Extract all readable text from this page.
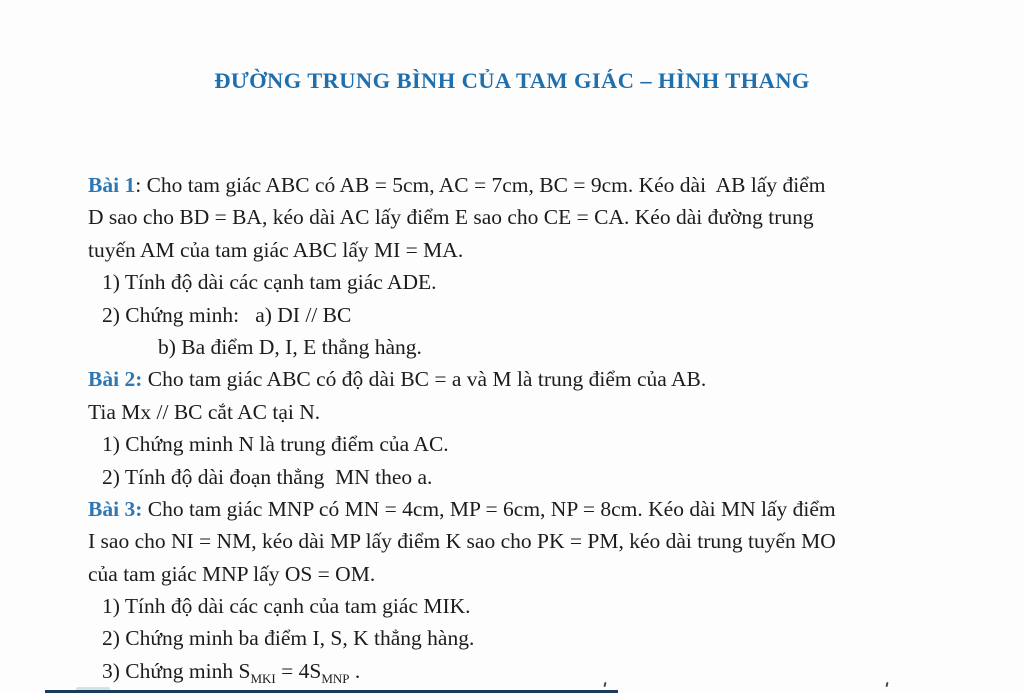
ĐƯỜNG TRUNG BÌNH CỦA TAM GIÁC – HÌNH THANG
Bài 1: Cho tam giác ABC có AB = 5cm, AC = 7cm, BC = 9cm. Kéo dài  AB lấy điểm
D sao cho BD = BA, kéo dài AC lấy điểm E sao cho CE = CA. Kéo dài đường trung
tuyến AM của tam giác ABC lấy MI = MA.
1) Tính độ dài các cạnh tam giác ADE.
2) Chứng minh:   a) DI // BC
b) Ba điểm D, I, E thẳng hàng.
Bài 2: Cho tam giác ABC có độ dài BC = a và M là trung điểm của AB.
Tia Mx // BC cắt AC tại N.
1) Chứng minh N là trung điểm của AC.
2) Tính độ dài đoạn thẳng  MN theo a.
Bài 3: Cho tam giác MNP có MN = 4cm, MP = 6cm, NP = 8cm. Kéo dài MN lấy điểm
I sao cho NI = NM, kéo dài MP lấy điểm K sao cho PK = PM, kéo dài trung tuyến MO
của tam giác MNP lấy OS = OM.
1) Tính độ dài các cạnh của tam giác MIK.
2) Chứng minh ba điểm I, S, K thẳng hàng.
3) Chứng minh $S_{MKI} = 4S_{MNP}$ .
